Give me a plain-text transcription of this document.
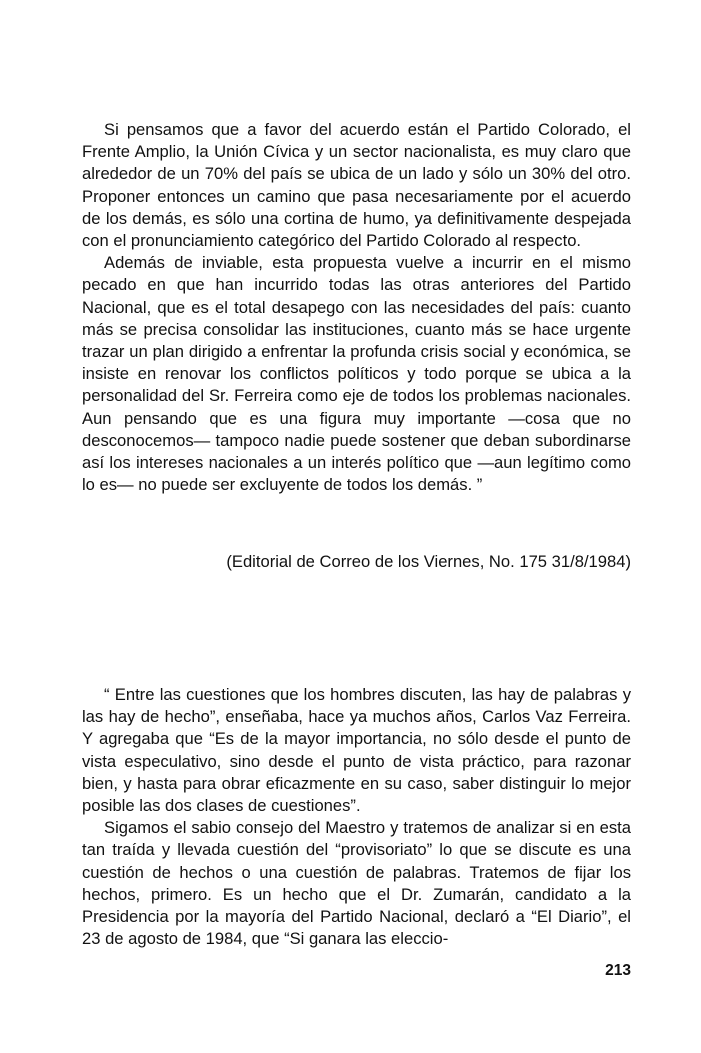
Si pensamos que a favor del acuerdo están el Partido Colorado, el Frente Amplio, la Unión Cívica y un sector nacionalista, es muy claro que alrededor de un 70% del país se ubica de un lado y sólo un 30% del otro. Proponer entonces un camino que pasa necesariamente por el acuerdo de los demás, es sólo una cortina de humo, ya definitivamente despejada con el pronunciamiento categórico del Partido Colorado al respecto.

Además de inviable, esta propuesta vuelve a incurrir en el mismo pecado en que han incurrido todas las otras anteriores del Partido Nacional, que es el total desapego con las necesidades del país: cuanto más se precisa consolidar las instituciones, cuanto más se hace urgente trazar un plan dirigido a enfrentar la profunda crisis social y económica, se insiste en renovar los conflictos políticos y todo porque se ubica a la personalidad del Sr. Ferreira como eje de todos los problemas nacionales. Aun pensando que es una figura muy importante —cosa que no desconocemos— tampoco nadie puede sostener que deban subordinarse así los intereses nacionales a un interés político que —aun legítimo como lo es— no puede ser excluyente de todos los demás. ”

(Editorial de Correo de los Viernes, No. 175 31/8/1984)

“ Entre las cuestiones que los hombres discuten, las hay de palabras y las hay de hecho”, enseñaba, hace ya muchos años, Carlos Vaz Ferreira. Y agregaba que “Es de la mayor importancia, no sólo desde el punto de vista especulativo, sino desde el punto de vista práctico, para razonar bien, y hasta para obrar eficazmente en su caso, saber distinguir lo mejor posible las dos clases de cuestiones”.

Sigamos el sabio consejo del Maestro y tratemos de analizar si en esta tan traída y llevada cuestión del “provisoriato” lo que se discute es una cuestión de hechos o una cuestión de palabras. Tratemos de fijar los hechos, primero. Es un hecho que el Dr. Zumarán, candidato a la Presidencia por la mayoría del Partido Nacional, declaró a “El Diario”, el 23 de agosto de 1984, que “Si ganara las eleccio-

213
